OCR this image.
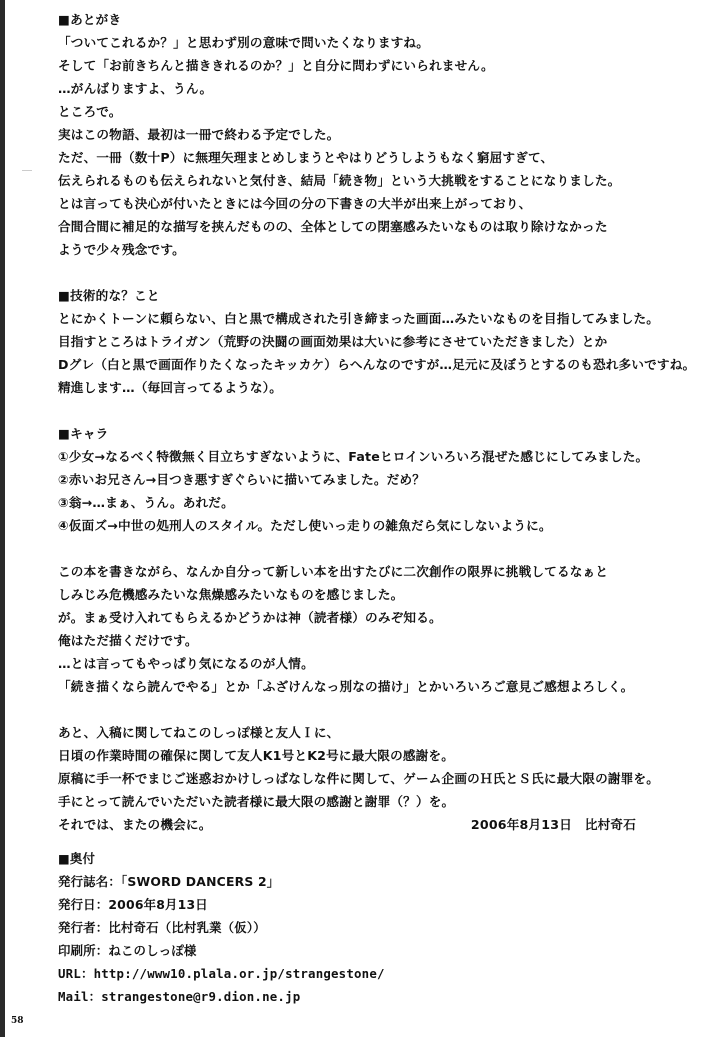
■あとがき
「ついてこれるか？」と思わず別の意味で問いたくなりますね。
そして「お前きちんと描ききれるのか？」と自分に問わずにいられません。
…がんばりますよ、うん。
ところで。
実はこの物語、最初は一冊で終わる予定でした。
ただ、一冊（数十P）に無理矢理まとめしまうとやはりどうしようもなく窮屈すぎて、
伝えられるものも伝えられないと気付き、結局「続き物」という大挑戦をすることになりました。
とは言っても決心が付いたときには今回の分の下書きの大半が出来上がっており、
合間合間に補足的な描写を挟んだものの、全体としての閉塞感みたいなものは取り除けなかった
ようで少々残念です。
■技術的な？こと
とにかくトーンに頼らない、白と黒で構成された引き締まった画面…みたいなものを目指してみました。
目指すところはトライガン（荒野の決闘の画面効果は大いに参考にさせていただきました）とか
Dグレ（白と黒で画面作りたくなったキッカケ）らへんなのですが…足元に及ぼうとするのも恐れ多いですね。
精進します…（毎回言ってるような）。
■キャラ
①少女→なるべく特徴無く目立ちすぎないように、Fateヒロインいろいろ混ぜた感じにしてみました。
②赤いお兄さん→目つき悪すぎぐらいに描いてみました。だめ？
③翁→…まぁ、うん。あれだ。
④仮面ズ→中世の処刑人のスタイル。ただし使いっ走りの雑魚だら気にしないように。
この本を書きながら、なんか自分って新しい本を出すたびに二次創作の限界に挑戦してるなぁと
しみじみ危機感みたいな焦燥感みたいなものを感じました。
が。まぁ受け入れてもらえるかどうかは神（読者様）のみぞ知る。
俺はただ描くだけです。
…とは言ってもやっぱり気になるのが人情。
「続き描くなら読んでやる」とか「ふざけんなっ別なの描け」とかいろいろご意見ご感想よろしく。
あと、入稿に関してねこのしっぽ様と友人Ｉに、
日頃の作業時間の確保に関して友人K1号とK2号に最大限の感謝を。
原稿に手一杯でまじご迷惑おかけしっぱなしな件に関して、ゲーム企画のＨ氏とＳ氏に最大限の謝罪を。
手にとって読んでいただいた読者様に最大限の感謝と謝罪（？）を。
それでは、またの機会に。	2006年8月13日　比村奇石
■奥付
発行誌名：「SWORD DANCERS 2」
発行日：2006年8月13日
発行者：比村奇石（比村乳業（仮））
印刷所：ねこのしっぽ様
URL：http://www10.plala.or.jp/strangestone/
Mail：strangestone@r9.dion.ne.jp
58
